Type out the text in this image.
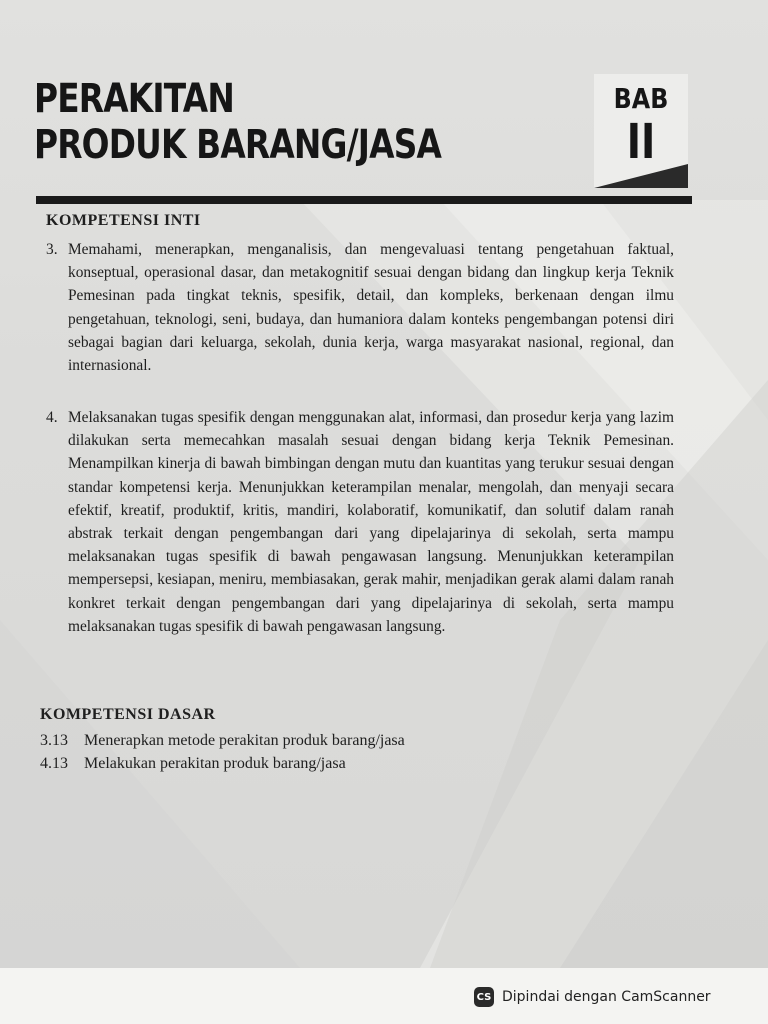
PERAKITAN
PRODUK BARANG/JASA
BAB
II
KOMPETENSI INTI
3. Memahami, menerapkan, menganalisis, dan mengevaluasi tentang pengetahuan faktual, konseptual, operasional dasar, dan metakognitif sesuai dengan bidang dan lingkup kerja Teknik Pemesinan pada tingkat teknis, spesifik, detail, dan kompleks, berkenaan dengan ilmu pengetahuan, teknologi, seni, budaya, dan humaniora dalam konteks pengembangan potensi diri sebagai bagian dari keluarga, sekolah, dunia kerja, warga masyarakat nasional, regional, dan internasional.
4. Melaksanakan tugas spesifik dengan menggunakan alat, informasi, dan prosedur kerja yang lazim dilakukan serta memecahkan masalah sesuai dengan bidang kerja Teknik Pemesinan. Menampilkan kinerja di bawah bimbingan dengan mutu dan kuantitas yang terukur sesuai dengan standar kompetensi kerja. Menunjukkan keterampilan menalar, mengolah, dan menyaji secara efektif, kreatif, produktif, kritis, mandiri, kolaboratif, komunikatif, dan solutif dalam ranah abstrak terkait dengan pengembangan dari yang dipelajarinya di sekolah, serta mampu melaksanakan tugas spesifik di bawah pengawasan langsung. Menunjukkan keterampilan mempersepsi, kesiapan, meniru, membiasakan, gerak mahir, menjadikan gerak alami dalam ranah konkret terkait dengan pengembangan dari yang dipelajarinya di sekolah, serta mampu melaksanakan tugas spesifik di bawah pengawasan langsung.
KOMPETENSI DASAR
3.13 Menerapkan metode perakitan produk barang/jasa
4.13 Melakukan perakitan produk barang/jasa
CS Dipindai dengan CamScanner
